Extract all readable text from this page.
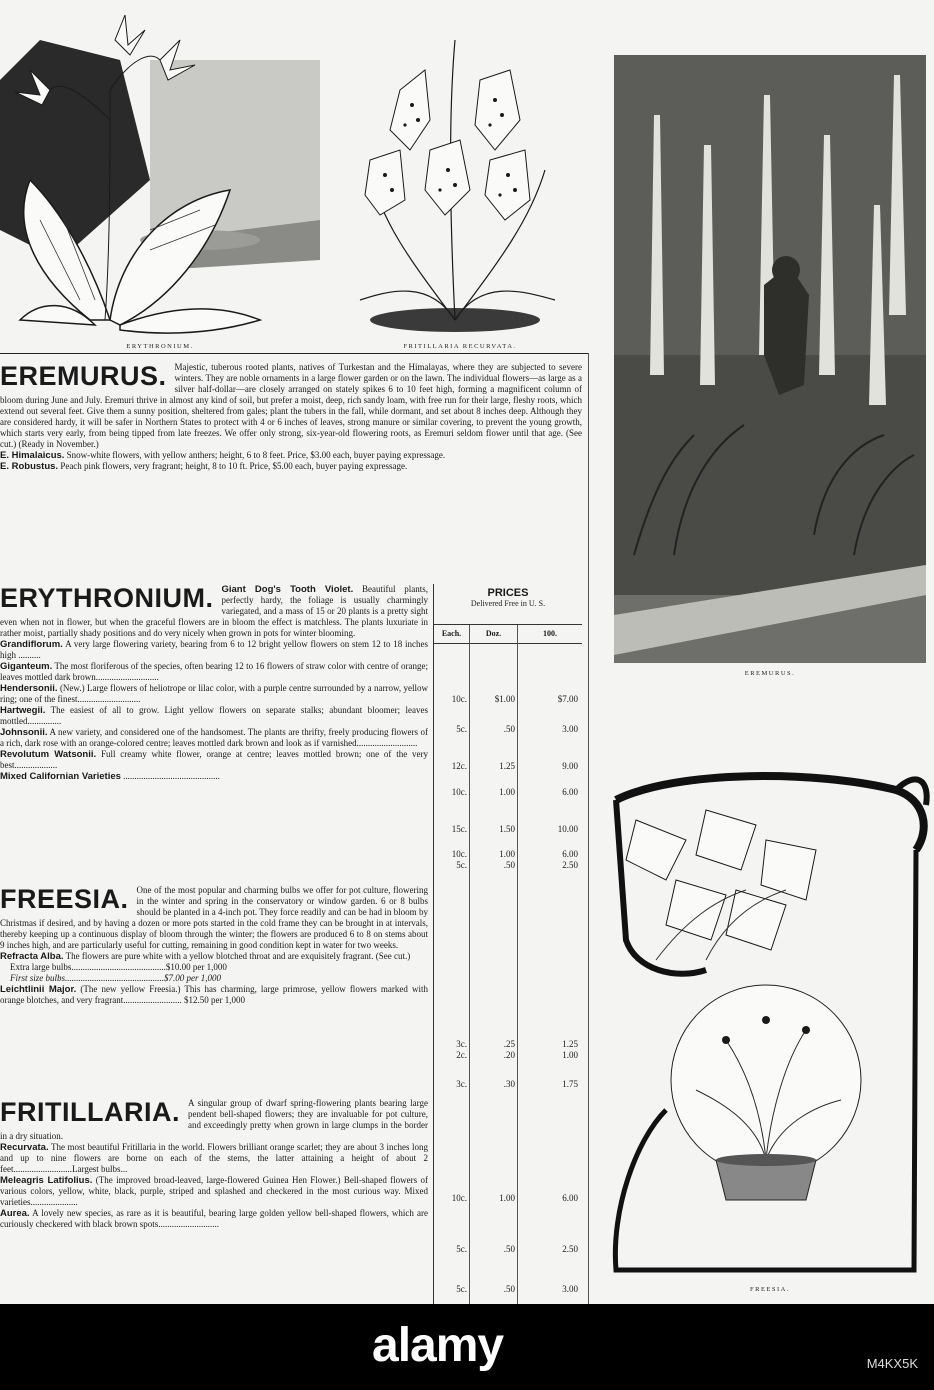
ERYTHRONIUM.	FRITILLARIA RECURVATA.
EREMURUS.
FREESIA.
EREMURUS. Majestic, tuberous rooted plants, natives of Turkestan and the Himalayas, where they are subjected to severe winters. They are noble ornaments in a large flower garden or on the lawn. The individual flowers—as large as a silver half-dollar—are closely arranged on stately spikes 6 to 10 feet high, forming a magnificent column of bloom during June and July. Eremuri thrive in almost any kind of soil, but prefer a moist, deep, rich sandy loam, with free run for their large, fleshy roots, which extend out several feet. Give them a sunny position, sheltered from gales; plant the tubers in the fall, while dormant, and set about 8 inches deep. Although they are considered hardy, it will be safer in Northern States to protect with 4 or 6 inches of leaves, strong manure or similar covering, to prevent the young growth, which starts very early, from being tipped from late freezes. We offer only strong, six-year-old flowering roots, as Eremuri seldom flower until that age. (See cut.) (Ready in November.)
E. Himalaicus. Snow-white flowers, with yellow anthers; height, 6 to 8 feet. Price, $3.00 each, buyer paying expressage.
E. Robustus. Peach pink flowers, very fragrant; height, 8 to 10 ft. Price, $5.00 each, buyer paying expressage.
ERYTHRONIUM. Giant Dog's Tooth Violet. Beautiful plants, perfectly hardy, the foliage is usually charmingly variegated, and a mass of 15 or 20 plants is a pretty sight even when not in flower, but when the graceful flowers are in bloom the effect is matchless. The plants luxuriate in rather moist, partially shady positions and do very nicely when grown in pots for winter blooming.
Grandiflorum. A very large flowering variety, bearing from 6 to 12 bright yellow flowers on stem 12 to 18 inches high ..........
Giganteum. The most floriferous of the species, often bearing 12 to 16 flowers of straw color with centre of orange; leaves mottled dark brown............................
Hendersonii. (New.) Large flowers of heliotrope or lilac color, with a purple centre surrounded by a narrow, yellow ring; one of the finest............................
Hartwegii. The easiest of all to grow. Light yellow flowers on separate stalks; abundant bloomer; leaves mottled...............
Johnsonii. A new variety, and considered one of the handsomest. The plants are thrifty, freely producing flowers of a rich, dark rose with an orange-colored centre; leaves mottled dark brown and look as if varnished...........................
Revolutum Watsonii. Full creamy white flower, orange at centre; leaves mottled brown; one of the very best...................
Mixed Californian Varieties ...........................................
FREESIA. One of the most popular and charming bulbs we offer for pot culture, flowering in the winter and spring in the conservatory or window garden. 6 or 8 bulbs should be planted in a 4-inch pot. They force readily and can be had in bloom by Christmas if desired, and by having a dozen or more pots started in the cold frame they can be brought in at intervals, thereby keeping up a continuous display of bloom through the winter; the flowers are produced 6 to 8 on stems about 9 inches high, and are particularly useful for cutting, remaining in good condition kept in water for two weeks.
Refracta Alba. The flowers are pure white with a yellow blotched throat and are exquisitely fragrant. (See cut.)
Extra large bulbs..........................................$10.00 per 1,000
First size bulbs............................................$7.00 per 1,000
Leichtlinii Major. (The new yellow Freesia.) This has charming, large primrose, yellow flowers marked with orange blotches, and very fragrant.......................... $12.50 per 1,000
FRITILLARIA. A singular group of dwarf spring-flowering plants bearing large pendent bell-shaped flowers; they are invaluable for pot culture, and exceedingly pretty when grown in large clumps in the border in a dry situation.
Recurvata. The most beautiful Fritillaria in the world. Flowers brilliant orange scarlet; they are about 3 inches long and up to nine flowers are borne on each of the stems, the latter attaining a height of about 2 feet..........................Largest bulbs...
Meleagris Latifolius. (The improved broad-leaved, large-flowered Guinea Hen Flower.) Bell-shaped flowers of various colors, yellow, white, black, purple, striped and splashed and checkered in the most curious way. Mixed varieties.....................
Aurea. A lovely new species, as rare as it is beautiful, bearing large golden yellow bell-shaped flowers, which are curiously checkered with black brown spots...........................
PRICES
Delivered Free in U. S.
Each.	Doz.	100.
10c.	$1.00	$7.00
5c.	.50	3.00
12c.	1.25	9.00
10c.	1.00	6.00
15c.	1.50	10.00
10c.	1.00	6.00
5c.	.50	2.50
3c.	.25	1.25
2c.	.20	1.00
3c.	.30	1.75
10c.	1.00	6.00
5c.	.50	2.50
5c.	.50	3.00
alamy	M4KX5K
